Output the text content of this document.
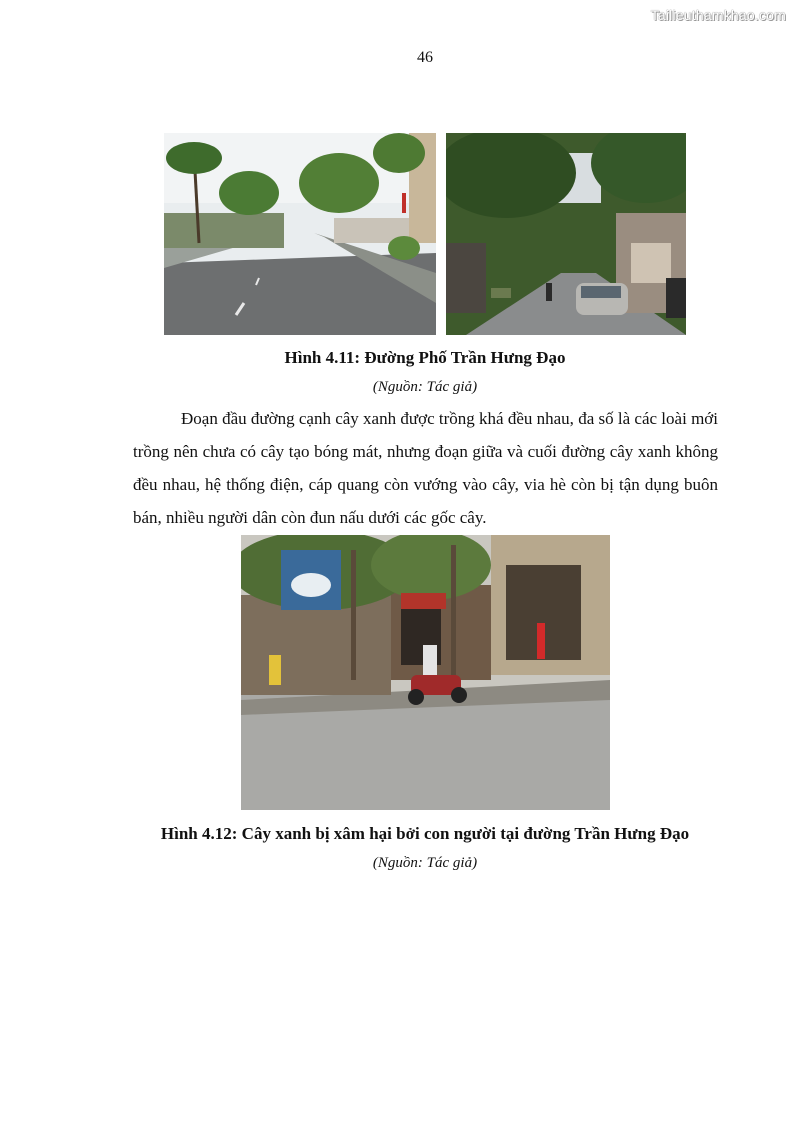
Tailieuthamkhao.com
46
Hình 4.11: Đường Phố Trần Hưng Đạo
(Nguồn: Tác giả)

Đoạn đầu đường cạnh cây xanh được trồng khá đều nhau, đa số là các loài mới trồng nên chưa có cây tạo bóng mát, nhưng đoạn giữa và cuối đường cây xanh không đều nhau, hệ thống điện, cáp quang còn vướng vào cây, via hè còn bị tận dụng buôn bán, nhiều người dân còn đun nấu dưới các gốc cây.

Hình 4.12: Cây xanh bị xâm hại bởi con người tại đường Trần Hưng Đạo
(Nguồn: Tác giả)
